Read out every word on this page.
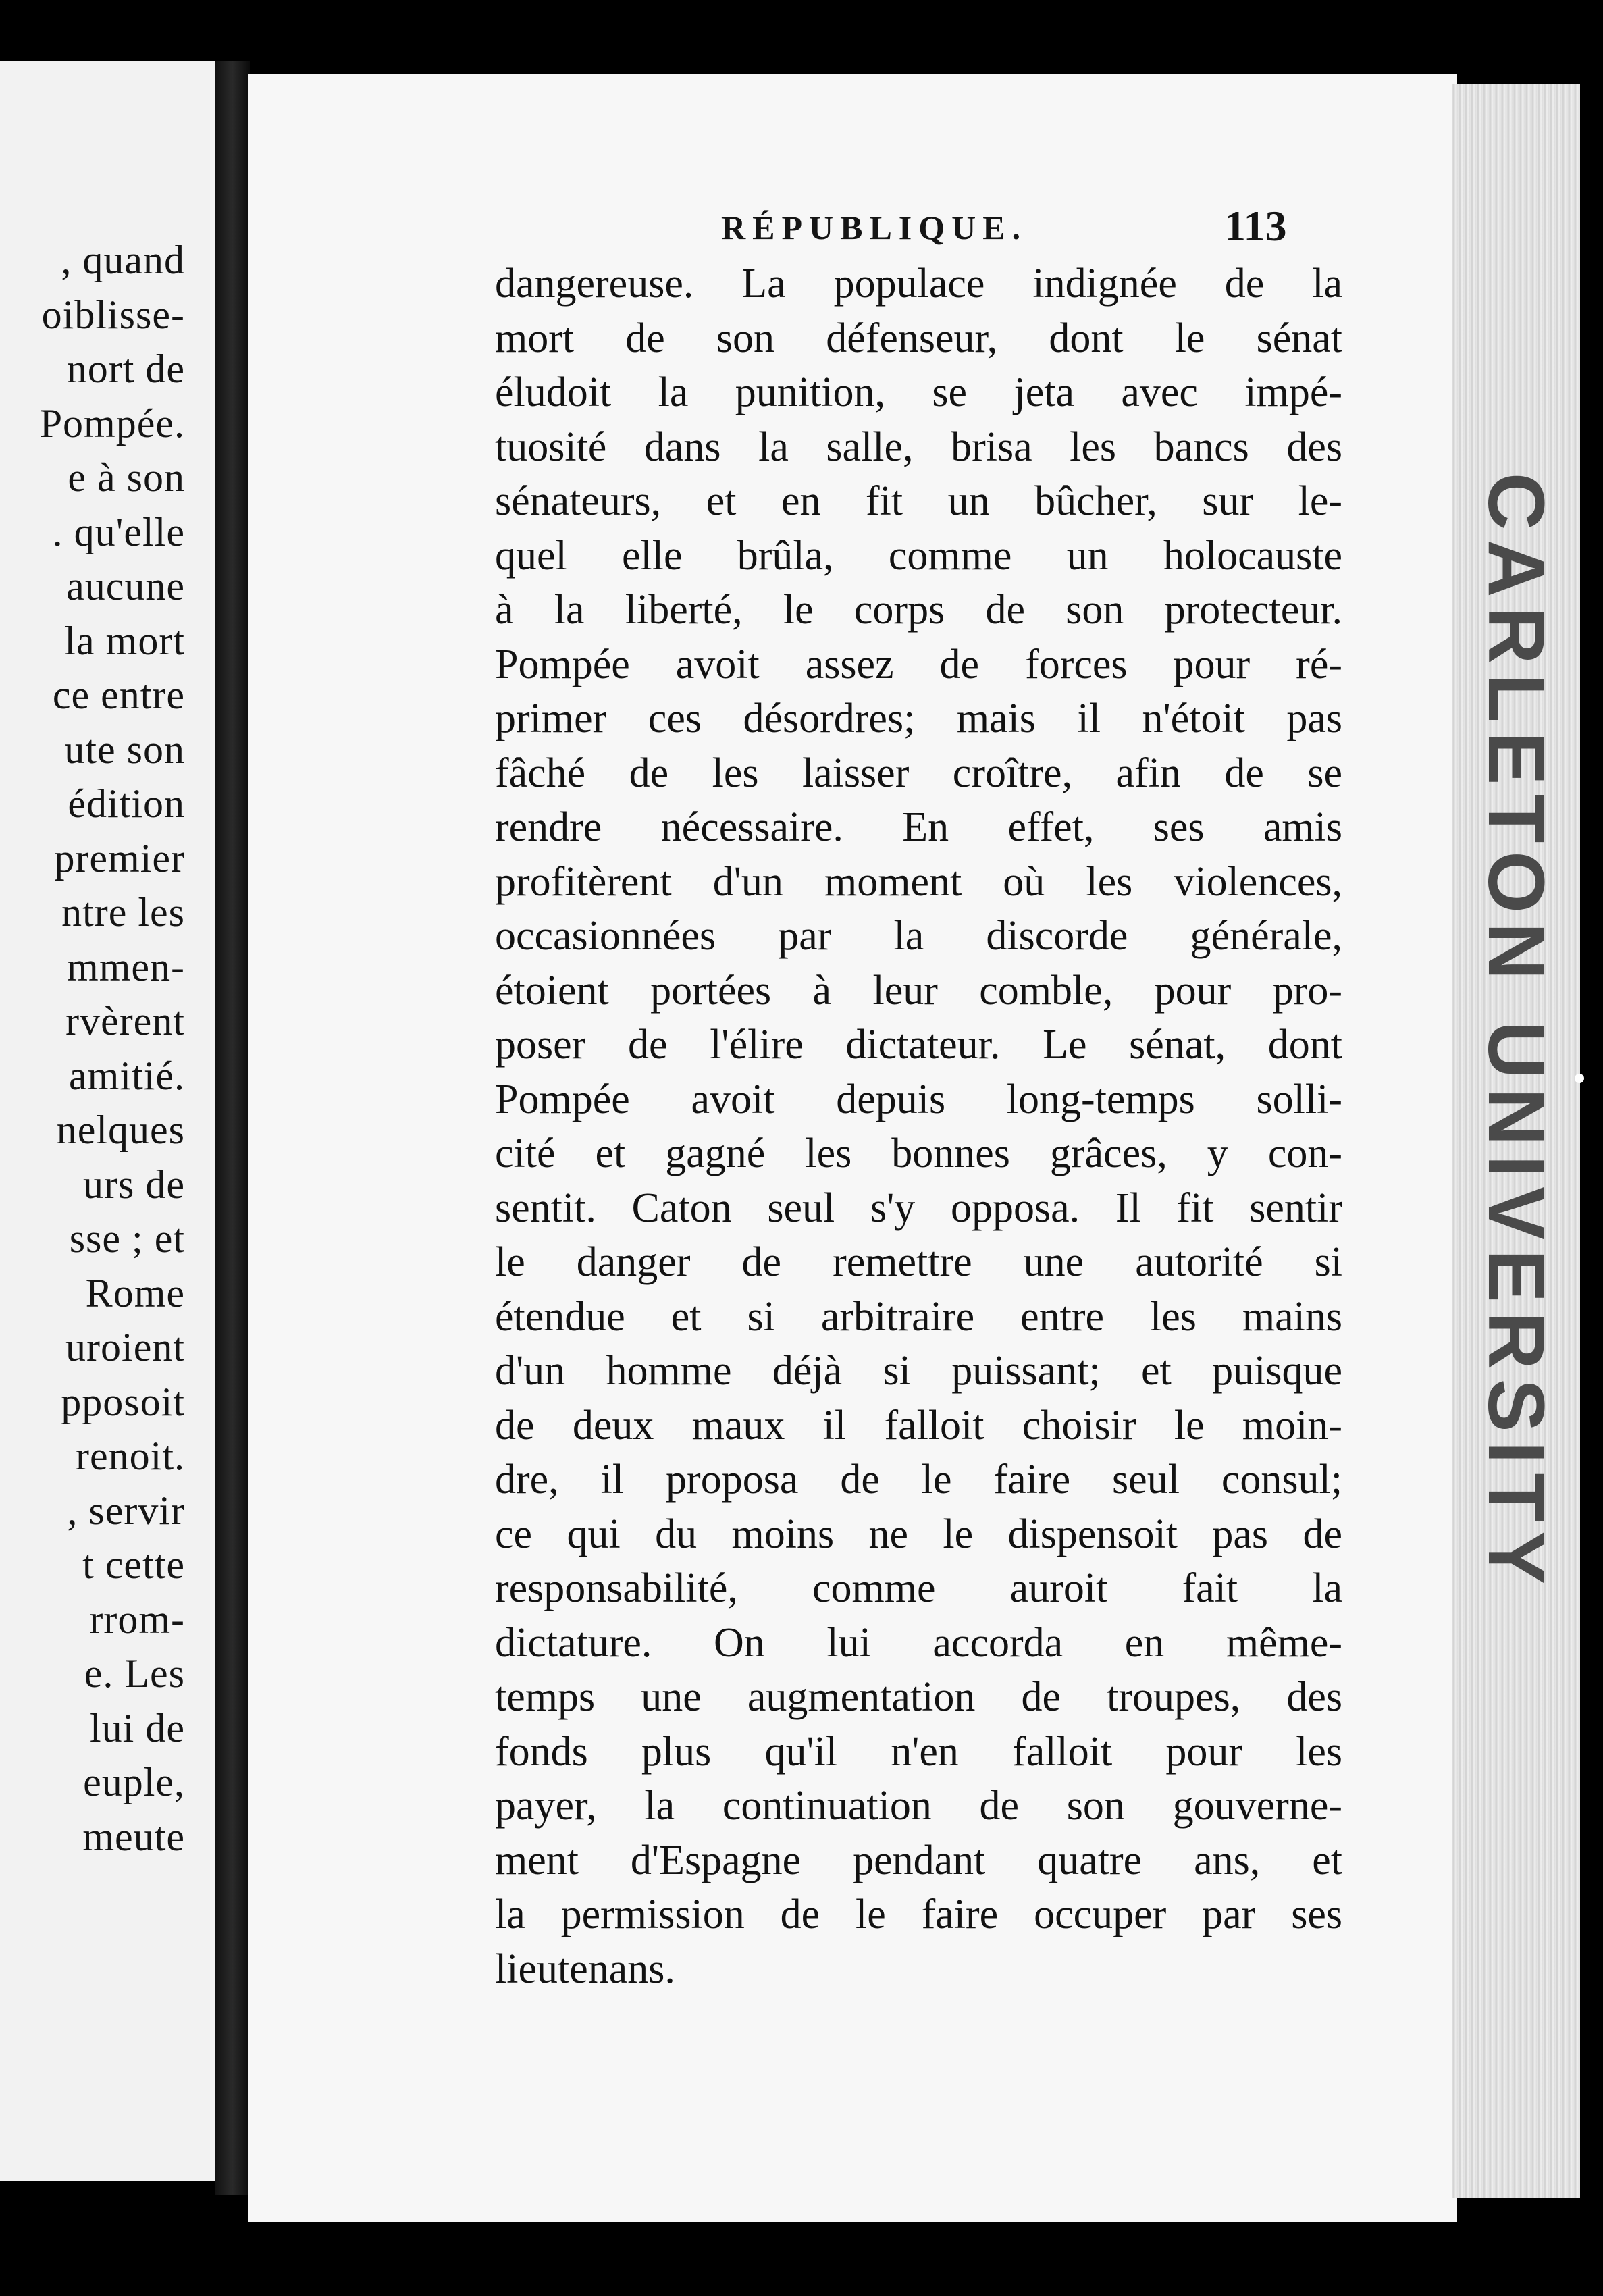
, quand
oiblisse-
nort de
Pompée.
e à son
. qu'elle
aucune
la mort
ce entre
ute son
édition
premier
ntre les
mmen-
rvèrent
amitié.
nelques
urs de
sse ; et
Rome
uroient
pposoit
renoit.
, servir
t cette
rrom-
e. Les
lui de
euple,
meute
RÉPUBLIQUE.	113
dangereuse. La populace indignée de la
mort de son défenseur, dont le sénat
éludoit la punition, se jeta avec impé-
tuosité dans la salle, brisa les bancs des
sénateurs, et en fit un bûcher, sur le-
quel elle brûla, comme un holocauste
à la liberté, le corps de son protecteur.
Pompée avoit assez de forces pour ré-
primer ces désordres; mais il n'étoit pas
fâché de les laisser croître, afin de se
rendre nécessaire. En effet, ses amis
profitèrent d'un moment où les violences,
occasionnées par la discorde générale,
étoient portées à leur comble, pour pro-
poser de l'élire dictateur. Le sénat, dont
Pompée avoit depuis long-temps solli-
cité et gagné les bonnes grâces, y con-
sentit. Caton seul s'y opposa. Il fit sentir
le danger de remettre une autorité si
étendue et si arbitraire entre les mains
d'un homme déjà si puissant; et puisque
de deux maux il falloit choisir le moin-
dre, il proposa de le faire seul consul;
ce qui du moins ne le dispensoit pas de
responsabilité, comme auroit fait la
dictature. On lui accorda en même-
temps une augmentation de troupes, des
fonds plus qu'il n'en falloit pour les
payer, la continuation de son gouverne-
ment d'Espagne pendant quatre ans, et
la permission de le faire occuper par ses
lieutenans.
CARLETON UNIVERSITY
